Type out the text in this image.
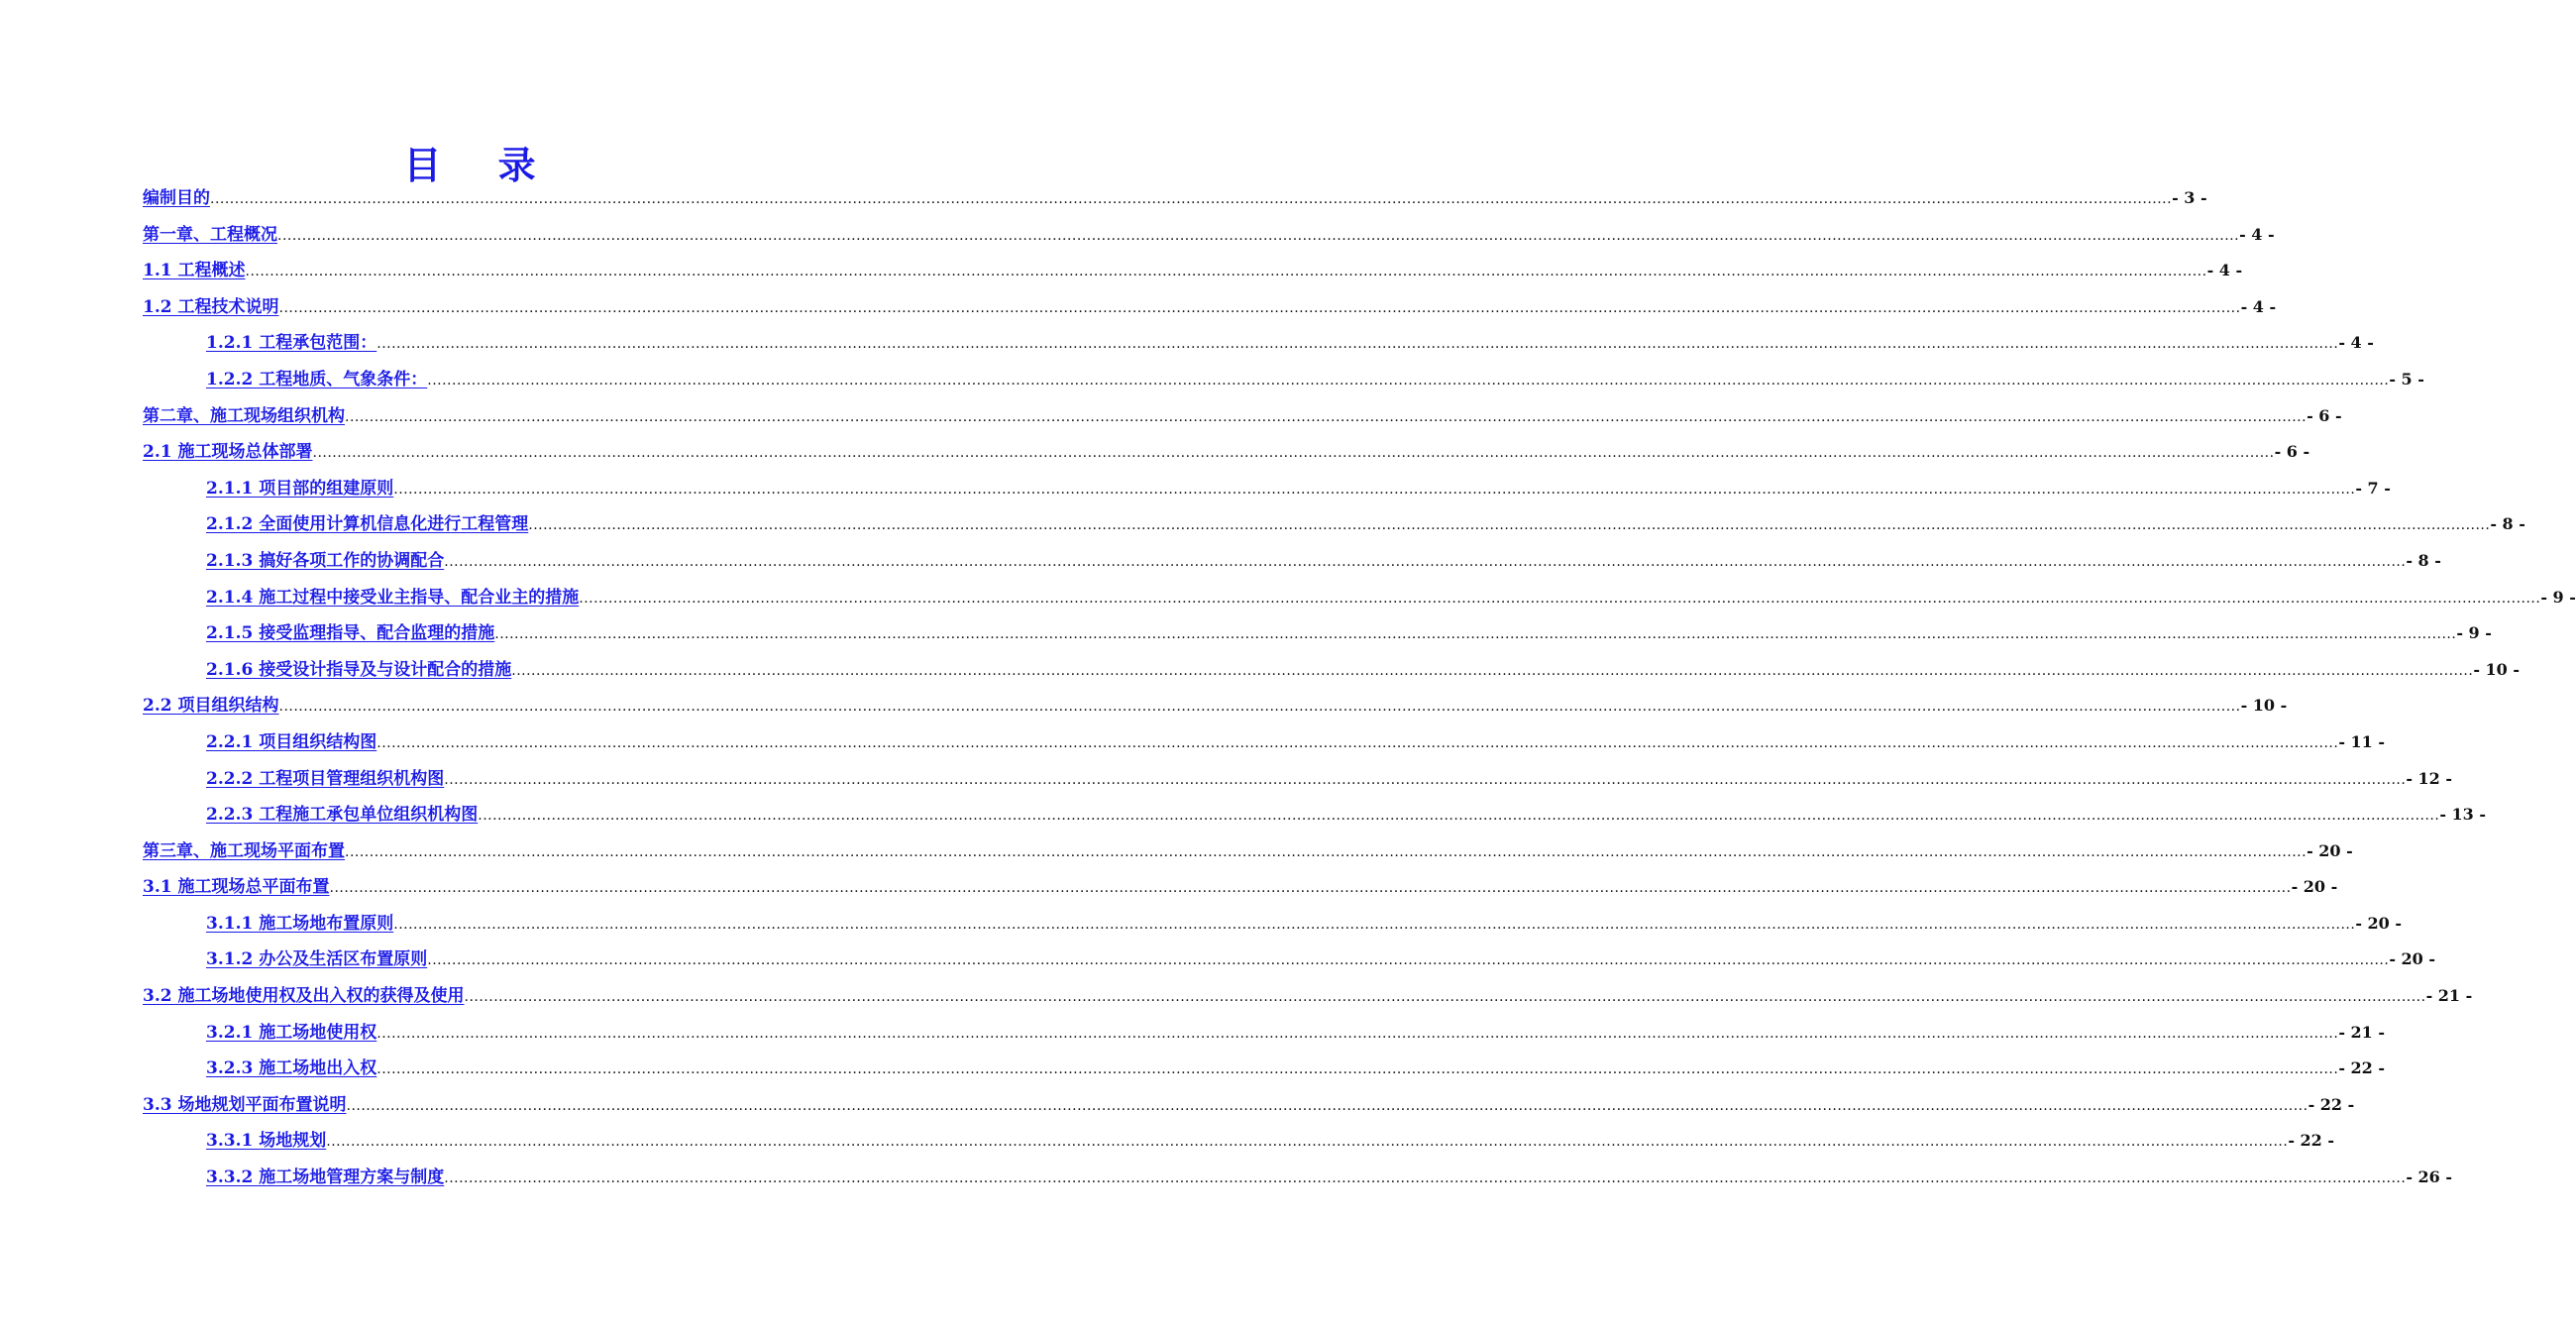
目 录
编制目的 ................................................................................................................................................................................................................................................................................................................................................................................................................ - 3 -
第一章、工程概况 ................................................................................................................................................................................................................................................................................................................................................................................................................ - 4 -
1.1 工程概述 ................................................................................................................................................................................................................................................................................................................................................................................................................ - 4 -
1.2 工程技术说明 ................................................................................................................................................................................................................................................................................................................................................................................................................ - 4 -
1.2.1 工程承包范围： ................................................................................................................................................................................................................................................................................................................................................................................................................ - 4 -
1.2.2 工程地质、气象条件： ................................................................................................................................................................................................................................................................................................................................................................................................................ - 5 -
第二章、施工现场组织机构 ................................................................................................................................................................................................................................................................................................................................................................................................................ - 6 -
2.1 施工现场总体部署 ................................................................................................................................................................................................................................................................................................................................................................................................................ - 6 -
2.1.1 项目部的组建原则 ................................................................................................................................................................................................................................................................................................................................................................................................................ - 7 -
2.1.2 全面使用计算机信息化进行工程管理 ................................................................................................................................................................................................................................................................................................................................................................................................................ - 8 -
2.1.3 搞好各项工作的协调配合 ................................................................................................................................................................................................................................................................................................................................................................................................................ - 8 -
2.1.4 施工过程中接受业主指导、配合业主的措施 ................................................................................................................................................................................................................................................................................................................................................................................................................ - 9 -
2.1.5 接受监理指导、配合监理的措施 ................................................................................................................................................................................................................................................................................................................................................................................................................ - 9 -
2.1.6 接受设计指导及与设计配合的措施 ................................................................................................................................................................................................................................................................................................................................................................................................................ - 10 -
2.2 项目组织结构 ................................................................................................................................................................................................................................................................................................................................................................................................................ - 10 -
2.2.1 项目组织结构图 ................................................................................................................................................................................................................................................................................................................................................................................................................ - 11 -
2.2.2 工程项目管理组织机构图 ................................................................................................................................................................................................................................................................................................................................................................................................................ - 12 -
2.2.3 工程施工承包单位组织机构图 ................................................................................................................................................................................................................................................................................................................................................................................................................ - 13 -
第三章、施工现场平面布置 ................................................................................................................................................................................................................................................................................................................................................................................................................ - 20 -
3.1 施工现场总平面布置 ................................................................................................................................................................................................................................................................................................................................................................................................................ - 20 -
3.1.1 施工场地布置原则 ................................................................................................................................................................................................................................................................................................................................................................................................................ - 20 -
3.1.2 办公及生活区布置原则 ................................................................................................................................................................................................................................................................................................................................................................................................................ - 20 -
3.2 施工场地使用权及出入权的获得及使用 ................................................................................................................................................................................................................................................................................................................................................................................................................ - 21 -
3.2.1 施工场地使用权 ................................................................................................................................................................................................................................................................................................................................................................................................................ - 21 -
3.2.3 施工场地出入权 ................................................................................................................................................................................................................................................................................................................................................................................................................ - 22 -
3.3 场地规划平面布置说明 ................................................................................................................................................................................................................................................................................................................................................................................................................ - 22 -
3.3.1 场地规划 ................................................................................................................................................................................................................................................................................................................................................................................................................ - 22 -
3.3.2 施工场地管理方案与制度 ................................................................................................................................................................................................................................................................................................................................................................................................................ - 26 -
